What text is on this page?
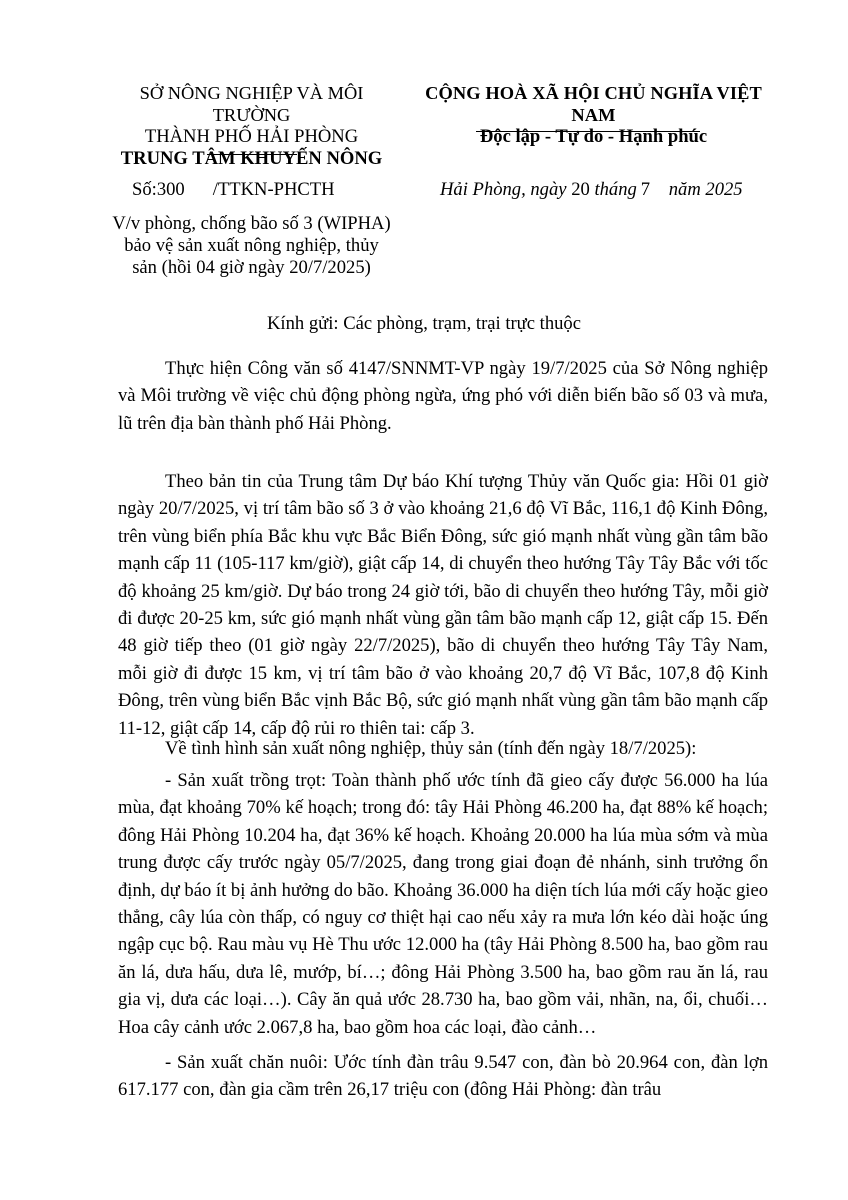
SỞ NÔNG NGHIỆP VÀ MÔI TRƯỜNG
THÀNH PHỐ HẢI PHÒNG
TRUNG TÂM KHUYẾN NÔNG
CỘNG HOÀ XÃ HỘI CHỦ NGHĨA VIỆT NAM
Độc lập - Tự do - Hạnh phúc
Số:300 /TTKN-PHCTH	Hải Phòng, ngày 20 tháng 7 năm 2025
V/v phòng, chống bão số 3 (WIPHA)
bảo vệ sản xuất nông nghiệp, thủy
sản (hồi 04 giờ ngày 20/7/2025)
Kính gửi: Các phòng, trạm, trại trực thuộc

Thực hiện Công văn số 4147/SNNMT-VP ngày 19/7/2025 của Sở Nông nghiệp và Môi trường về việc chủ động phòng ngừa, ứng phó với diễn biến bão số 03 và mưa, lũ trên địa bàn thành phố Hải Phòng.

Theo bản tin của Trung tâm Dự báo Khí tượng Thủy văn Quốc gia: Hồi 01 giờ ngày 20/7/2025, vị trí tâm bão số 3 ở vào khoảng 21,6 độ Vĩ Bắc, 116,1 độ Kinh Đông, trên vùng biển phía Bắc khu vực Bắc Biển Đông, sức gió mạnh nhất vùng gần tâm bão mạnh cấp 11 (105-117 km/giờ), giật cấp 14, di chuyển theo hướng Tây Tây Bắc với tốc độ khoảng 25 km/giờ. Dự báo trong 24 giờ tới, bão di chuyển theo hướng Tây, mỗi giờ đi được 20-25 km, sức gió mạnh nhất vùng gần tâm bão mạnh cấp 12, giật cấp 15. Đến 48 giờ tiếp theo (01 giờ ngày 22/7/2025), bão di chuyển theo hướng Tây Tây Nam, mỗi giờ đi được 15 km, vị trí tâm bão ở vào khoảng 20,7 độ Vĩ Bắc, 107,8 độ Kinh Đông, trên vùng biển Bắc vịnh Bắc Bộ, sức gió mạnh nhất vùng gần tâm bão mạnh cấp 11-12, giật cấp 14, cấp độ rủi ro thiên tai: cấp 3.

Về tình hình sản xuất nông nghiệp, thủy sản (tính đến ngày 18/7/2025):

- Sản xuất trồng trọt: Toàn thành phố ước tính đã gieo cấy được 56.000 ha lúa mùa, đạt khoảng 70% kế hoạch; trong đó: tây Hải Phòng 46.200 ha, đạt 88% kế hoạch; đông Hải Phòng 10.204 ha, đạt 36% kế hoạch. Khoảng 20.000 ha lúa mùa sớm và mùa trung được cấy trước ngày 05/7/2025, đang trong giai đoạn đẻ nhánh, sinh trưởng ổn định, dự báo ít bị ảnh hưởng do bão. Khoảng 36.000 ha diện tích lúa mới cấy hoặc gieo thẳng, cây lúa còn thấp, có nguy cơ thiệt hại cao nếu xảy ra mưa lớn kéo dài hoặc úng ngập cục bộ. Rau màu vụ Hè Thu ước 12.000 ha (tây Hải Phòng 8.500 ha, bao gồm rau ăn lá, dưa hấu, dưa lê, mướp, bí…; đông Hải Phòng 3.500 ha, bao gồm rau ăn lá, rau gia vị, dưa các loại…). Cây ăn quả ước 28.730 ha, bao gồm vải, nhãn, na, ổi, chuối… Hoa cây cảnh ước 2.067,8 ha, bao gồm hoa các loại, đào cảnh…

- Sản xuất chăn nuôi: Ước tính đàn trâu 9.547 con, đàn bò 20.964 con, đàn lợn 617.177 con, đàn gia cầm trên 26,17 triệu con (đông Hải Phòng: đàn trâu
